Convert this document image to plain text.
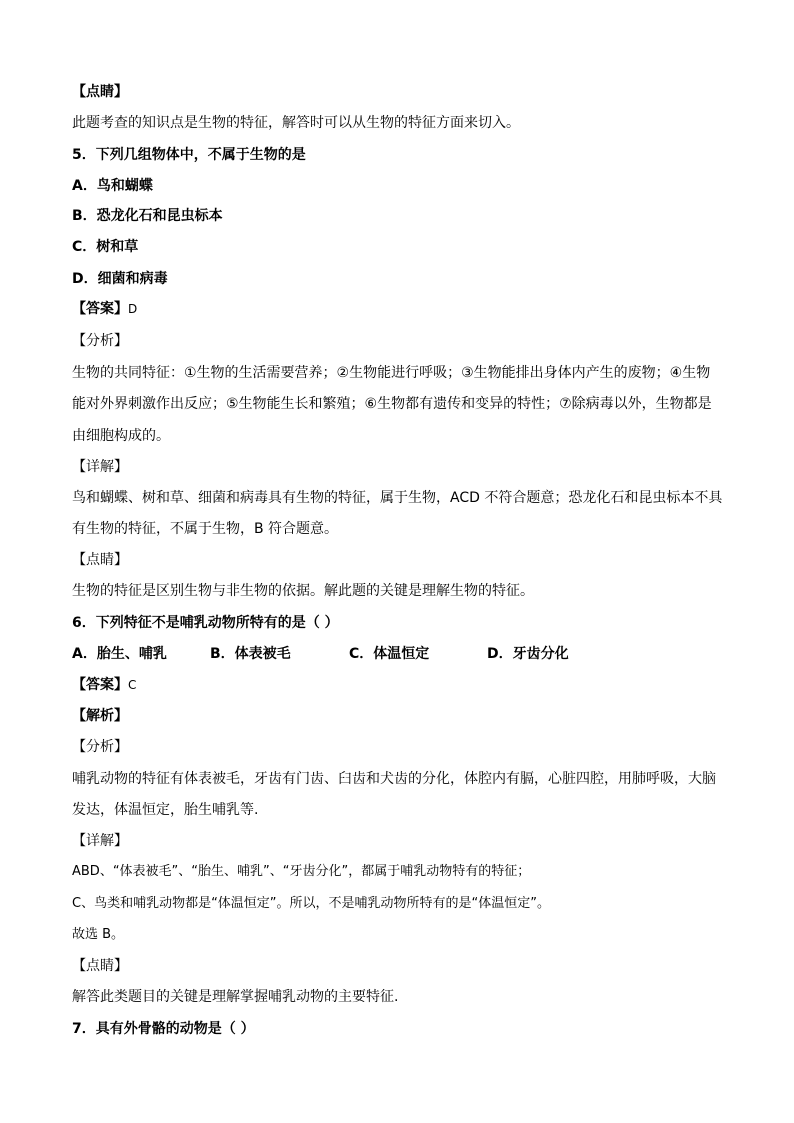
【点睛】
此题考查的知识点是生物的特征，解答时可以从生物的特征方面来切入。
5．下列几组物体中，不属于生物的是
A．鸟和蝴蝶
B．恐龙化石和昆虫标本
C．树和草
D．细菌和病毒
【答案】D
【分析】
生物的共同特征：①生物的生活需要营养；②生物能进行呼吸；③生物能排出身体内产生的废物；④生物
能对外界刺激作出反应；⑤生物能生长和繁殖；⑥生物都有遗传和变异的特性；⑦除病毒以外，生物都是
由细胞构成的。
【详解】
鸟和蝴蝶、树和草、细菌和病毒具有生物的特征，属于生物，ACD 不符合题意；恐龙化石和昆虫标本不具
有生物的特征，不属于生物，B 符合题意。
【点睛】
生物的特征是区别生物与非生物的依据。解此题的关键是理解生物的特征。
6．下列特征不是哺乳动物所特有的是（ ）
A．胎生、哺乳	B．体表被毛	C．体温恒定	D．牙齿分化
【答案】C
【解析】
【分析】
哺乳动物的特征有体表被毛，牙齿有门齿、臼齿和犬齿的分化，体腔内有膈，心脏四腔，用肺呼吸，大脑
发达，体温恒定，胎生哺乳等.
【详解】
ABD、“体表被毛”、“胎生、哺乳”、“牙齿分化”，都属于哺乳动物特有的特征；
C、鸟类和哺乳动物都是“体温恒定”。所以，不是哺乳动物所特有的是“体温恒定”。
故选 B。
【点睛】
解答此类题目的关键是理解掌握哺乳动物的主要特征.
7．具有外骨骼的动物是（ ）
